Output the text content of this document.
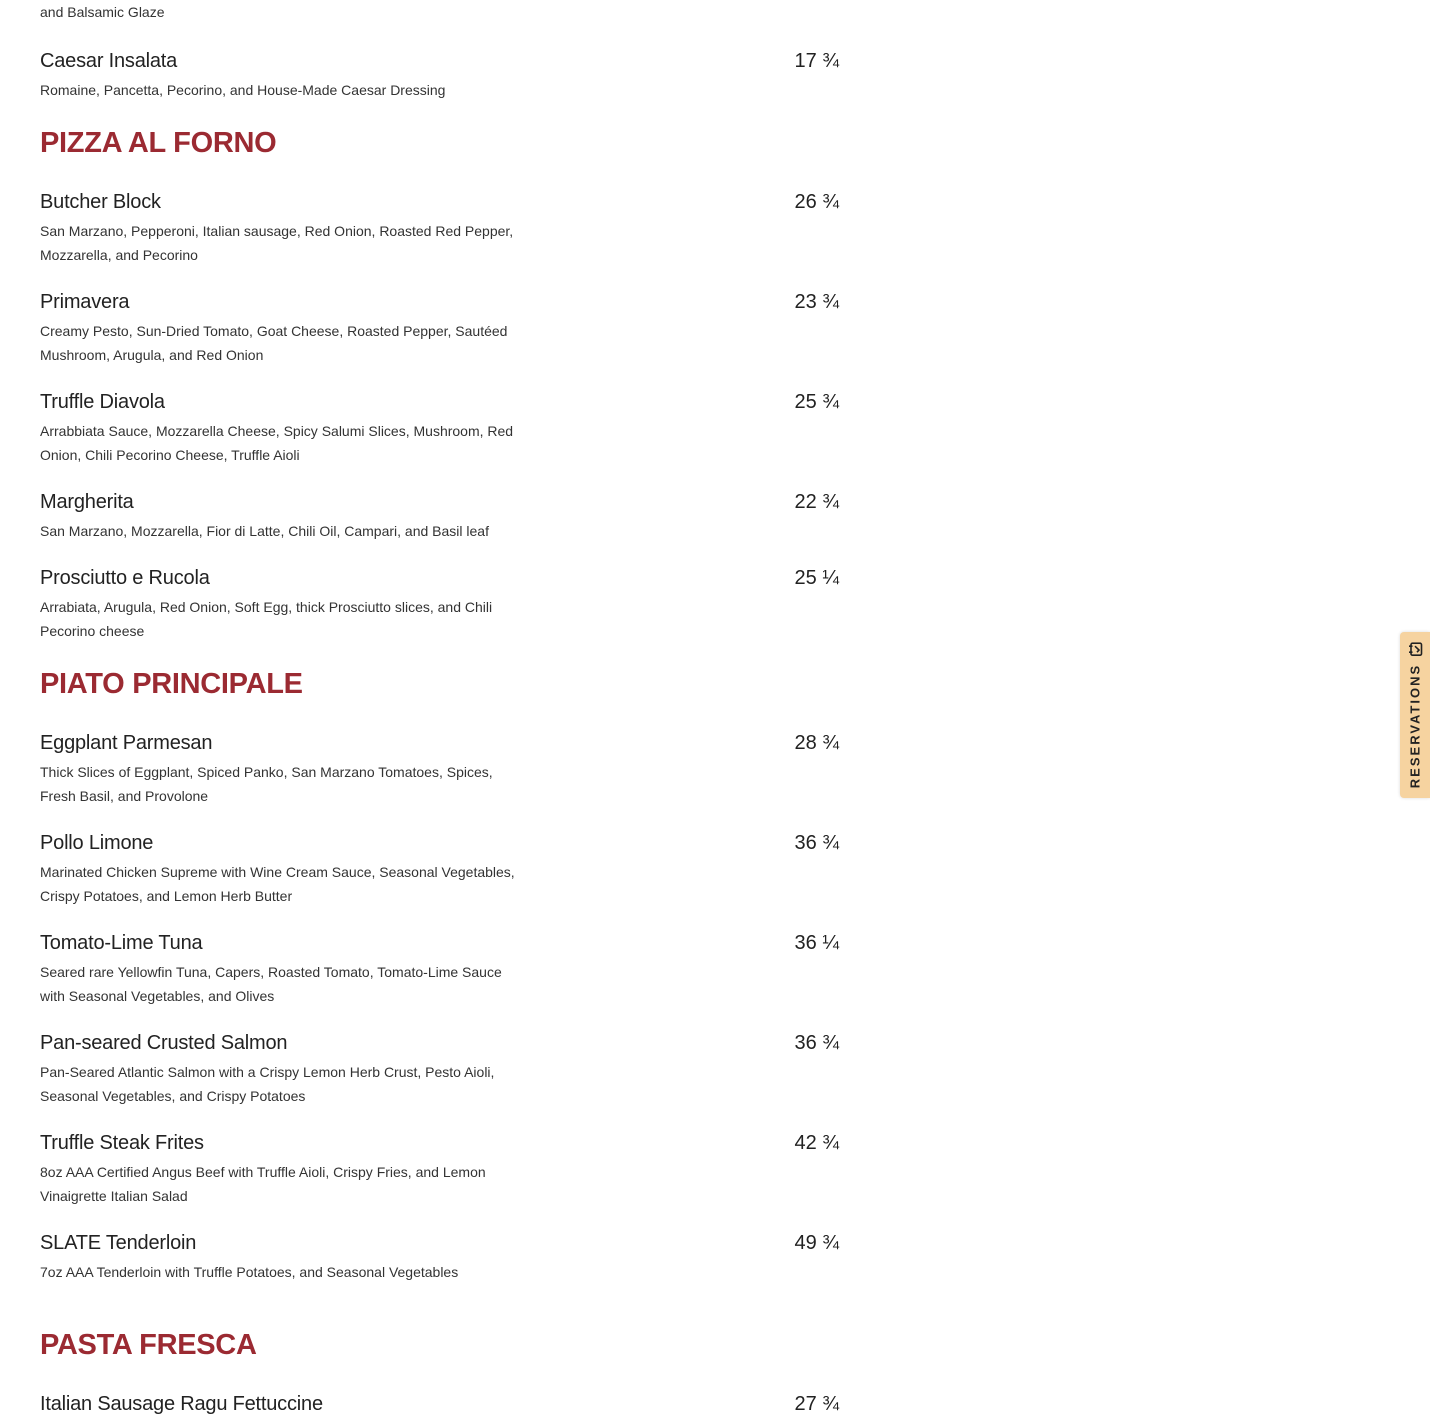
and Balsamic Glaze
Caesar Insalata	17 ¾
Romaine, Pancetta, Pecorino, and House-Made Caesar Dressing
PIZZA AL FORNO
Butcher Block	26 ¾
San Marzano, Pepperoni, Italian sausage, Red Onion, Roasted Red Pepper, Mozzarella, and Pecorino
Primavera	23 ¾
Creamy Pesto, Sun-Dried Tomato, Goat Cheese, Roasted Pepper, Sautéed Mushroom, Arugula, and Red Onion
Truffle Diavola	25 ¾
Arrabbiata Sauce, Mozzarella Cheese, Spicy Salumi Slices, Mushroom, Red Onion, Chili Pecorino Cheese, Truffle Aioli
Margherita	22 ¾
San Marzano, Mozzarella, Fior di Latte, Chili Oil, Campari, and Basil leaf
Prosciutto e Rucola	25 ¼
Arrabiata, Arugula, Red Onion, Soft Egg, thick Prosciutto slices, and Chili Pecorino cheese
PIATO PRINCIPALE
Eggplant Parmesan	28 ¾
Thick Slices of Eggplant, Spiced Panko, San Marzano Tomatoes, Spices, Fresh Basil, and Provolone
Pollo Limone	36 ¾
Marinated Chicken Supreme with Wine Cream Sauce, Seasonal Vegetables, Crispy Potatoes, and Lemon Herb Butter
Tomato-Lime Tuna	36 ¼
Seared rare Yellowfin Tuna, Capers, Roasted Tomato, Tomato-Lime Sauce with Seasonal Vegetables, and Olives
Pan-seared Crusted Salmon	36 ¾
Pan-Seared Atlantic Salmon with a Crispy Lemon Herb Crust, Pesto Aioli, Seasonal Vegetables, and Crispy Potatoes
Truffle Steak Frites	42 ¾
8oz AAA Certified Angus Beef with Truffle Aioli, Crispy Fries, and Lemon Vinaigrette Italian Salad
SLATE Tenderloin	49 ¾
7oz AAA Tenderloin with Truffle Potatoes, and Seasonal Vegetables
PASTA FRESCA
Italian Sausage Ragu Fettuccine	27 ¾
RESERVATIONS
